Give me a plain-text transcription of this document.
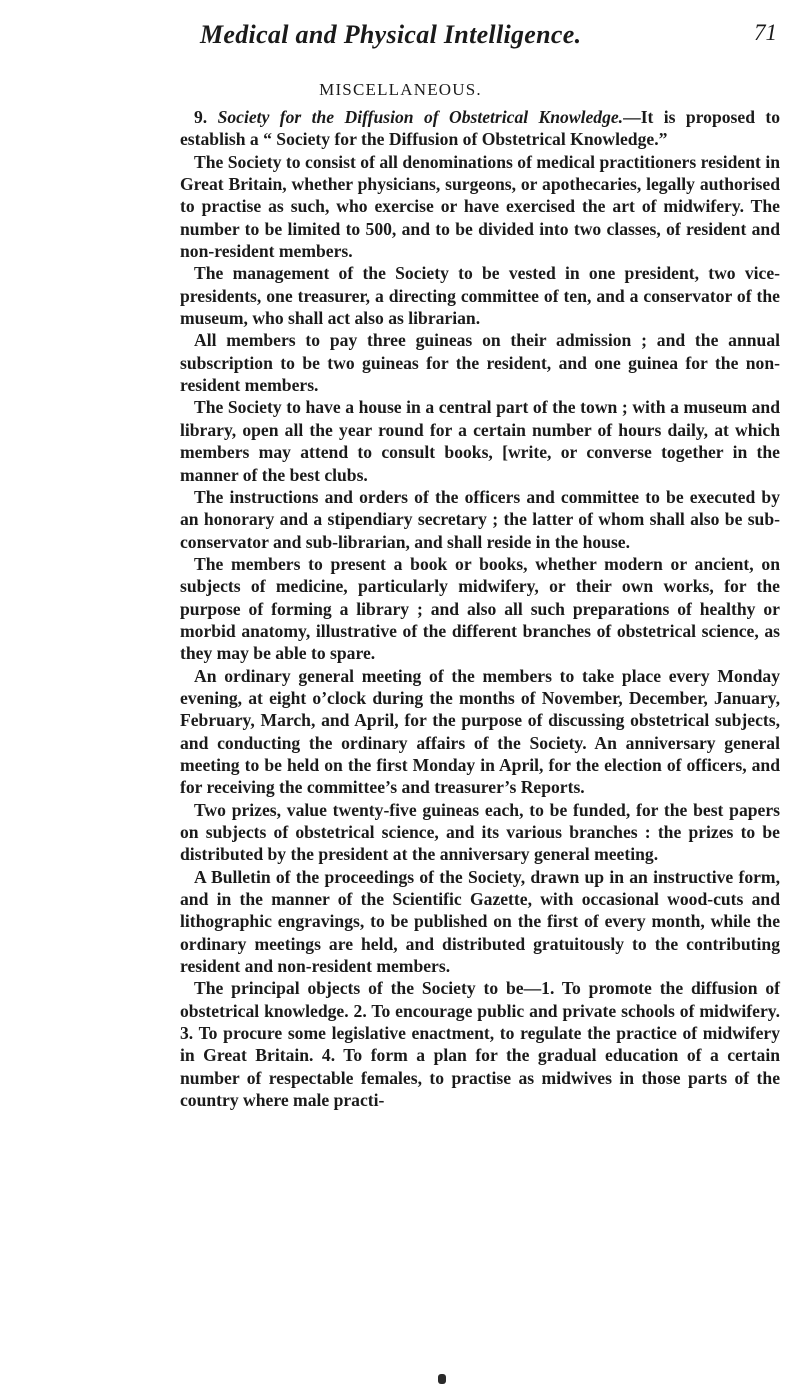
Medical and Physical Intelligence.	71
MISCELLANEOUS.

9. Society for the Diffusion of Obstetrical Knowledge.—It is proposed to establish a “ Society for the Diffusion of Obstetrical Knowledge.”

The Society to consist of all denominations of medical practitioners resident in Great Britain, whether physicians, surgeons, or apothecaries, legally authorised to practise as such, who exercise or have exercised the art of midwifery. The number to be limited to 500, and to be divided into two classes, of resident and non-resident members.

The management of the Society to be vested in one president, two vice-presidents, one treasurer, a directing committee of ten, and a conservator of the museum, who shall act also as librarian.

All members to pay three guineas on their admission ; and the annual subscription to be two guineas for the resident, and one guinea for the non-resident members.

The Society to have a house in a central part of the town ; with a museum and library, open all the year round for a certain number of hours daily, at which members may attend to consult books, [write, or converse together in the manner of the best clubs.

The instructions and orders of the officers and committee to be executed by an honorary and a stipendiary secretary ; the latter of whom shall also be sub-conservator and sub-librarian, and shall reside in the house.

The members to present a book or books, whether modern or ancient, on subjects of medicine, particularly midwifery, or their own works, for the purpose of forming a library ; and also all such preparations of healthy or morbid anatomy, illustrative of the different branches of obstetrical science, as they may be able to spare.

An ordinary general meeting of the members to take place every Monday evening, at eight o’clock during the months of November, December, January, February, March, and April, for the purpose of discussing obstetrical subjects, and conducting the ordinary affairs of the Society. An anniversary general meeting to be held on the first Monday in April, for the election of officers, and for receiving the committee’s and treasurer’s Reports.

Two prizes, value twenty-five guineas each, to be funded, for the best papers on subjects of obstetrical science, and its various branches : the prizes to be distributed by the president at the anniversary general meeting.

A Bulletin of the proceedings of the Society, drawn up in an instructive form, and in the manner of the Scientific Gazette, with occasional wood-cuts and lithographic engravings, to be published on the first of every month, while the ordinary meetings are held, and distributed gratuitously to the contributing resident and non-resident members.

The principal objects of the Society to be—1. To promote the diffusion of obstetrical knowledge. 2. To encourage public and private schools of midwifery. 3. To procure some legislative enactment, to regulate the practice of midwifery in Great Britain. 4. To form a plan for the gradual education of a certain number of respectable females, to practise as midwives in those parts of the country where male practi-
